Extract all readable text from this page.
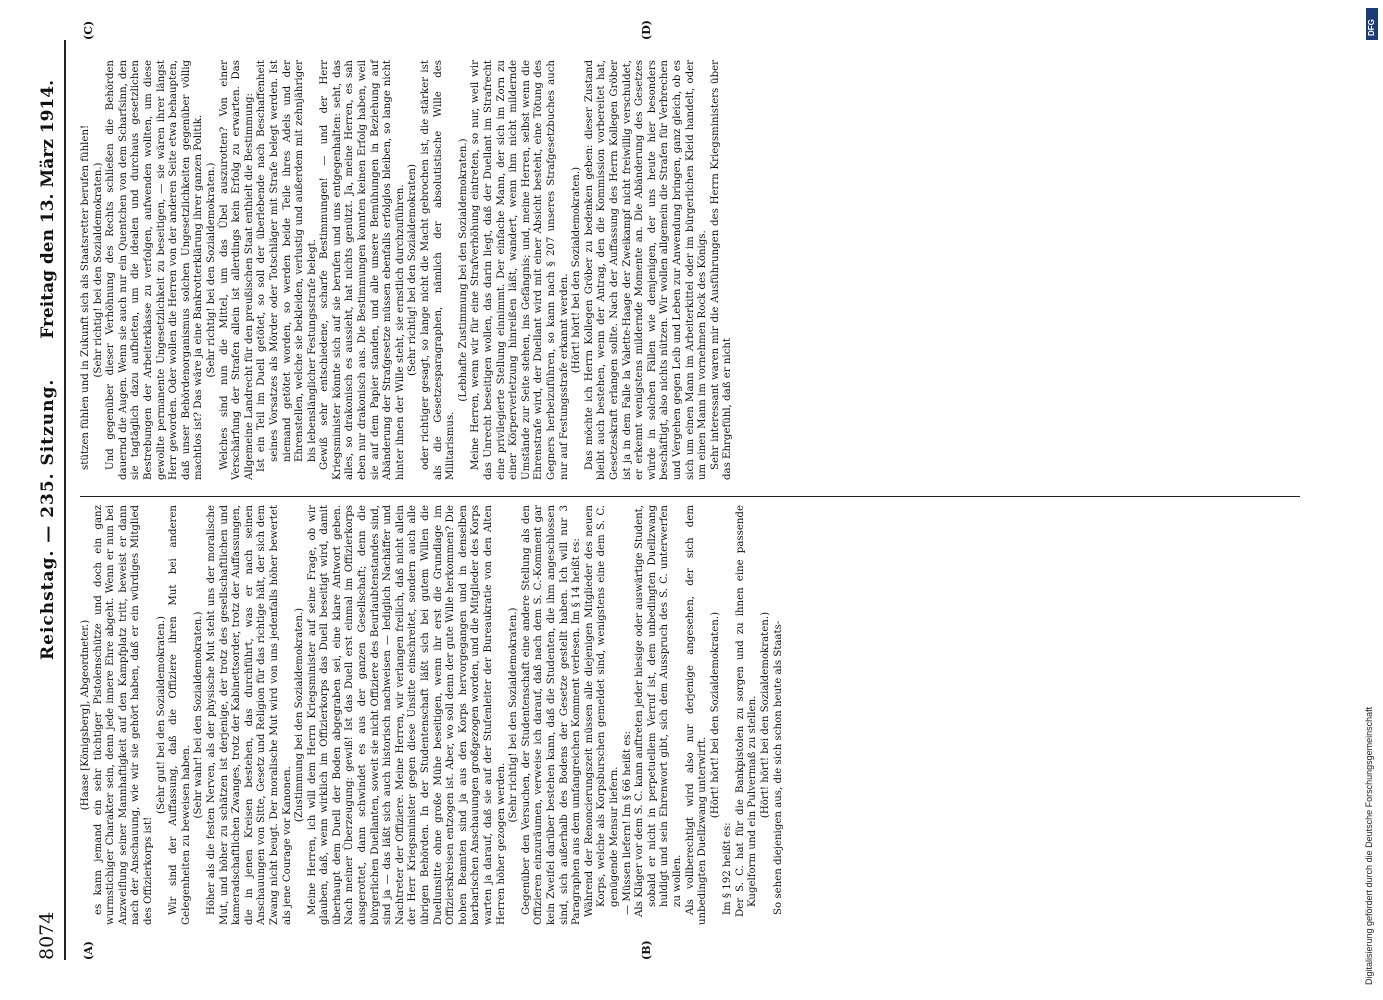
8074
Reichstag. — 235. Sitzung.
Freitag den 13. März 1914.
(A)	(B)
(C)	(D)

(Haase [Königsberg], Abgeordneter.) es kann jemand ein sehr tüchtiger Pistolenschütze und doch ein ganz wurmstichiger Charakter sein, denn jede innere Ehre abgeht. Wenn er nun bei Anzweiflung seiner Mannhaftigkeit auf den Kampfplatz tritt, beweist er dann nach der Anschauung, wie wir sie gehört haben, daß er ein würdiges Mitglied des Offizierkorps ist!

(Sehr gut! bei den Sozialdemokraten.) Wir sind der Auffassung, daß die Offiziere ihren Mut bei anderen Gelegenheiten zu beweisen haben.

(Sehr wahr! bei den Sozialdemokraten.) Höher als die festen Nerven, als der physische Mut steht uns der moralische Mut, und höher zu schätzen ist derjenige, der trotz des gesellschaftlichen und kameradschaftlichen Zwanges, trotz der Kabinettsorder, trotz der Auffassungen, die in jenen Kreisen bestehen, das durchführt, was er nach seinen Anschauungen von Sitte, Gesetz und Religion für das richtige hält, der sich dem Zwang nicht beugt. Der moralische Mut wird von uns jedenfalls höher bewertet als jene Courage vor Kanonen.

(Zustimmung bei den Sozialdemokraten.) Meine Herren, ich will dem Herrn Kriegsminister auf seine Frage, ob wir glauben, daß, wenn wirklich im Offizierkorps das Duell beseitigt wird, damit überhaupt dem Duell der Boden abgegraben sei, eine klare Antwort geben. Nach meiner Überzeugung: gewiß! Ist das Duell erst einmal im Offizierkorps ausgerottet, dann schwindet es aus der ganzen Gesellschaft; denn die bürgerlichen Duellanten, soweit sie nicht Offiziere des Beurlaubtenstandes sind, sind ja — das läßt sich auch historisch nachweisen — lediglich Nachäffer und Nachtreter der Offiziere. Meine Herren, wir verlangen freilich, daß nicht allein der Herr Kriegsminister gegen diese Unsitte einschreitet, sondern auch alle übrigen Behörden. In der Studentenschaft läßt sich bei gutem Willen die Duellunsitte ohne große Mühe beseitigen, wenn ihr erst die Grundlage im Offizierskreisen entzogen ist. Aber, wo soll denn der gute Wille herkommen? Die hohen Beamten sind ja aus den Korps hervorgegangen und in denselben barbarischen Anschauungen großgezogen worden, und die Mitglieder des Korps warten ja darauf, daß sie auf der Stufenleiter der Bureaukratie von den Alten Herren höher gezogen werden.

(Sehr richtig! bei den Sozialdemokraten.) Gegenüber den Versuchen, der Studentenschaft eine andere Stellung als den Offizieren einzuräumen, verweise ich darauf, daß nach dem S. C.-Komment gar kein Zweifel darüber bestehen kann, daß die Studenten, die ihm angeschlossen sind, sich außerhalb des Bodens der Gesetze gestellt haben. Ich will nur 3 Paragraphen aus dem umfangreichen Komment verlesen. Im § 14 heißt es: Während der Renoncierungszeit müssen alle diejenigen Mitglieder des neuen Korps, welche als Korpsburschen gemeldet sind, wenigstens eine dem S. C. genügende Mensur liefern. — Müssen liefern! Im § 66 heißt es: Als Kläger vor dem S. C. kann auftreten jeder hiesige oder auswärtige Student, sobald er nicht in perpetuellem Verruf ist, dem unbedingten Duellzwang huldigt und sein Ehrenwort gibt, sich dem Ausspruch des S. C. unterwerfen zu wollen. Als vollberechtigt wird also nur derjenige angesehen, der sich dem unbedingten Duellzwang unterwirft.

(Hört! hört! bei den Sozialdemokraten.)

Im § 192 heißt es: Der S. C. hat für die Bankpistolen zu sorgen und zu ihnen eine passende Kugelform und ein Pulvermaß zu stellen. (Hört! hört! bei den Sozialdemokraten.) So sehen diejenigen aus, die sich schon heute als Staats-

stützen fühlen und in Zukunft sich als Staatsretter berufen fühlen! (Sehr richtig! bei den Sozialdemokraten.) Und gegenüber dieser Verhöhnung des Rechts schließen die Behörden dauernd die Augen. Wenn sie auch nur ein Quentchen von dem Scharfsinn, den sie tagtäglich dazu aufbieten, um die idealen und durchaus gesetzlichen Bestrebungen der Arbeiterklasse zu verfolgen, aufwenden wollten, um diese gewollte permanente Ungesetzlichkeit zu beseitigen, — sie wären ihrer längst Herr geworden. Oder wollen die Herren von der anderen Seite etwa behaupten, daß unser Behördenorganismus solchen Ungesetzlichkeiten gegenüber völlig machtlos ist? Das wäre ja eine Bankrotterklärung ihrer ganzen Politik. (Sehr richtig! bei den Sozialdemokraten.) Welches sind nun die Mittel, um das Übel auszurotten? Von einer Verschärfung der Strafen allein ist allerdings kein Erfolg zu erwarten. Das Allgemeine Landrecht für den preußischen Staat enthielt die Bestimmung: Ist ein Teil im Duell getötet, so soll der überlebende nach Beschaffenheit seines Vorsatzes als Mörder oder Totschläger mit Strafe belegt werden. Ist niemand getötet worden, so werden beide Teile ihres Adels und der Ehrenstellen, welche sie bekleiden, verlustig und außerdem mit zehnjähriger bis lebenslänglicher Festungsstrafe belegt. Gewiß sehr entschiedene, scharfe Bestimmungen! — und der Herr Kriegsminister könnte sich auf sie berufen und uns entgegenhalten: seht, das alles, so drakonisch es aussieht, hat nichts genützt. Ja, meine Herren, es sah eben nur drakonisch aus. Die Bestimmungen konnten keinen Erfolg haben, weil sie auf dem Papier standen, und alle unsere Bemühungen in Beziehung auf Abänderung der Strafgesetze müssen ebenfalls erfolglos bleiben, so lange nicht hinter ihnen der Wille steht, sie ernstlich durchzuführen. (Sehr richtig! bei den Sozialdemokraten) oder richtiger gesagt, so lange nicht die Macht gebrochen ist, die stärker ist als die Gesetzesparagraphen, nämlich der absolutistische Wille des Militarismus.

(Lebhafte Zustimmung bei den Sozialdemokraten.) Meine Herren, wenn wir für eine Strafverhöhung eintreten, so nur, weil wir das Unrecht beseitigen wollen, das darin liegt, daß der Duellant im Strafrecht eine privilegierte Stellung einnimmt. Der einfache Mann, der sich im Zorn zu einer Körperverletzung hinreißen läßt, wandert, wenn ihm nicht mildernde Umstände zur Seite stehen, ins Gefängnis; und, meine Herren, selbst wenn die Ehrenstrafe wird, der Duellant wird mit einer Absicht besteht, eine Tötung des Gegners herbeizuführen, so kann nach § 207 unseres Strafgesetzbuches auch nur auf Festungsstrafe erkannt werden.

(Hört! hört! bei den Sozialdemokraten.) Das möchte ich Herrn Kollegen Gröber zu bedenken geben: dieser Zustand bleibt auch bestehen, wenn der Antrag, den die Kommission vorbereitet hat, Gesetzeskraft erlangen sollte. Nach der Auffassung des Herrn Kollegen Gröber ist ja in dem Falle la Valette-Haage der Zweikampf nicht freiwillig verschuldet, er erkennt wenigstens mildernde Momente an. Die Abänderung des Gesetzes würde in solchen Fällen wie demjenigen, der uns heute hier besonders beschäftigt, also nichts nützen. Wir wollen allgemein die Strafen für Verbrechen und Vergehen gegen Leib und Leben zur Anwendung bringen, ganz gleich, ob es sich um einen Mann im Arbeiterkittel oder im bürgerlichen Kleid handelt, oder um einen Mann im vornehmen Rock des Königs. Sehr interessant waren mir die Ausführungen des Herrn Kriegsministers über das Ehrgefühl, daß er nicht

DFG
Digitalisierung gefördert durch die Deutsche Forschungsgemeinschaft
